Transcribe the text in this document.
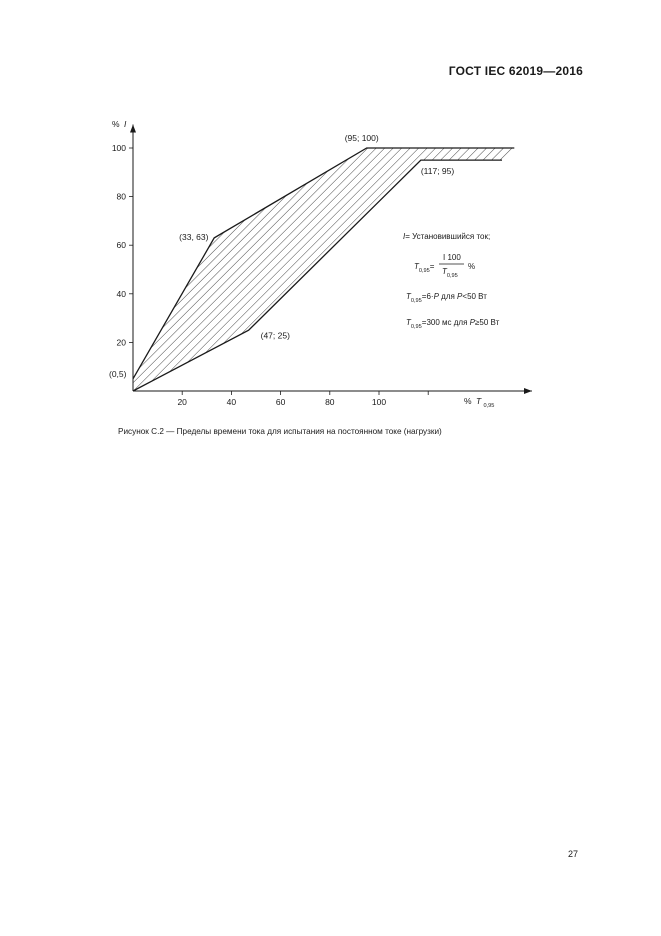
ГОСТ IEC 62019—2016
20	40	60	80	100
20
40
60
80
100
(0,5)
(33, 63)
(95; 100)
(117; 95)
(47; 25)
% I
% T $_{0,95}$
I= Установившийся ток;
$T_{0,95}=$
I 100
$T_{0,95}$
%
$T_{0,95}=6\cdot P$ для P<50 Вт
$T_{0,95}=300$ мс для P≥50 Вт
Рисунок С.2 — Пределы времени тока для испытания на постоянном токе (нагрузки)
27
